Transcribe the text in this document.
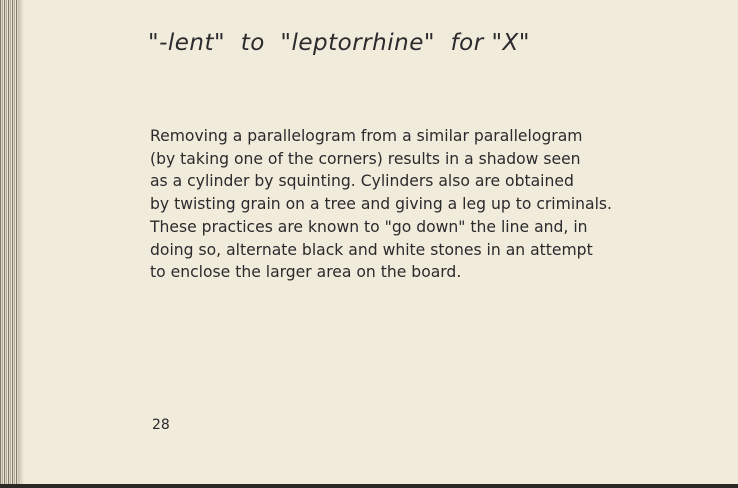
"-lent"  to  "leptorrhine"  for "X"

Removing a parallelogram from a similar parallelogram
(by taking one of the corners) results in a shadow seen
as a cylinder by squinting. Cylinders also are obtained
by twisting grain on a tree and giving a leg up to criminals.
These practices are known to "go down" the line and, in
doing so, alternate black and white stones in an attempt
to enclose the larger area on the board.

28
